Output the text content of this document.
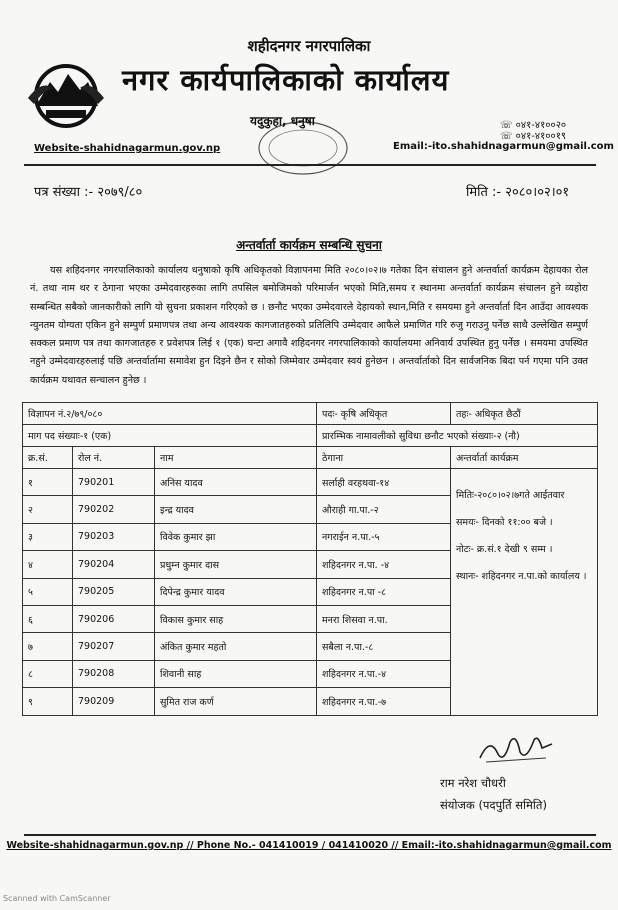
शहीदनगर नगरपालिका
नगर कार्यपालिकाको कार्यालय
यदुकुहा, धनुषा	☏ ०४१-४१००२०
☏ ०४१-४१००१९
Website-shahidnagarmun.gov.np	Email:-ito.shahidnagarmun@gmail.com
पत्र संख्या :- २०७९/८०	मिति :- २०८०।०२।०१
अन्तर्वार्ता कार्यक्रम सम्बन्धि सुचना
यस शहिदनगर नगरपालिकाको कार्यालय धनुषाको कृषि अधिकृतको विज्ञापनमा मिति २०८०।०२।७ गतेका दिन संचालन हुने अन्तर्वार्ता कार्यक्रम देहायका रोल नं. तथा नाम थर र ठेगाना भएका उम्मेदवारहरुका लागि तपसिल बमोजिमको परिमार्जन भएको मिति,समय र स्थानमा अन्तर्वार्ता कार्यक्रम संचालन हुने व्यहोरा सम्बन्धित सबैको जानकारीको लागि यो सुचना प्रकाशन गरिएको छ । छनौट भएका उम्मेदवारले देहायको स्थान,मिति र समयमा हुने अन्तर्वार्ता दिन आउँदा आवश्यक न्युनतम योग्यता एकिन हुने सम्पुर्ण प्रमाणपत्र तथा अन्य आवश्यक कागजातहरुको प्रतिलिपि उम्मेदवार आफैले प्रमाणित गरि रुजु गराउनु पर्नेछ साथै उल्लेखित सम्पुर्ण सक्कल प्रमाण पत्र तथा कागजातहरु र प्रवेशपत्र लिई १ (एक) घन्टा अगावै शहिदनगर नगरपालिकाको कार्यालयमा अनिवार्य उपस्थित हुनु पर्नेछ । समयमा उपस्थित नहुने उम्मेदवारहरुलाई पछि अन्तर्वार्तामा समावेश हुन दिइने छैन र सोको जिम्मेवार उम्मेदवार स्वयं हुनेछन । अन्तर्वार्ताको दिन सार्वजनिक बिदा पर्न गएमा पनि उक्त कार्यक्रम यथावत सन्चालन हुनेछ ।
विज्ञापन नं.२/७९/०८०			पदः- कृषि अधिकृत	तहः- अधिकृत छैठौं
माग पद संख्याः-१ (एक)			प्रारम्भिक नामावलीको सुविधा छनौट भएको संख्याः-२ (नौ)	
क्र.सं.	रोल नं.	नाम	ठेगाना	अन्तर्वार्ता कार्यक्रम
१	790201	अनिस यादव	सर्लाही वरहथवा-१४	मितिः-२०८०।०२।७गते आईतवार
समयः- दिनको ११:०० बजे ।
नोटः- क्र.सं.१ देखी ९ सम्म ।
स्थानः- शहिदनगर न.पा.को कार्यालय ।

२	790202	इन्द्र यादव	औराही गा.पा.-२	
३	790203	विवेक कुमार झा	नगराईन न.पा.-५	
४	790204	प्रधुम्न कुमार दास	शहिदनगर न.पा. -४	
५	790205	दिपेन्द्र कुमार यादव	शहिदनगर न.पा -८	
६	790206	विकास कुमार साह	मनरा शिसवा न.पा.	
७	790207	अंकित कुमार महतो	सबैला न.पा.-८	
८	790208	शिवानी साह	शहिदनगर न.पा.-४	
९	790209	सुमित राज कर्ण	शहिदनगर न.पा.-७	
राम नरेश चौधरी
संयोजक (पदपुर्ति समिति)
Website-shahidnagarmun.gov.np // Phone No.- 041410019 / 041410020 // Email:-ito.shahidnagarmun@gmail.com
Scanned with CamScanner
